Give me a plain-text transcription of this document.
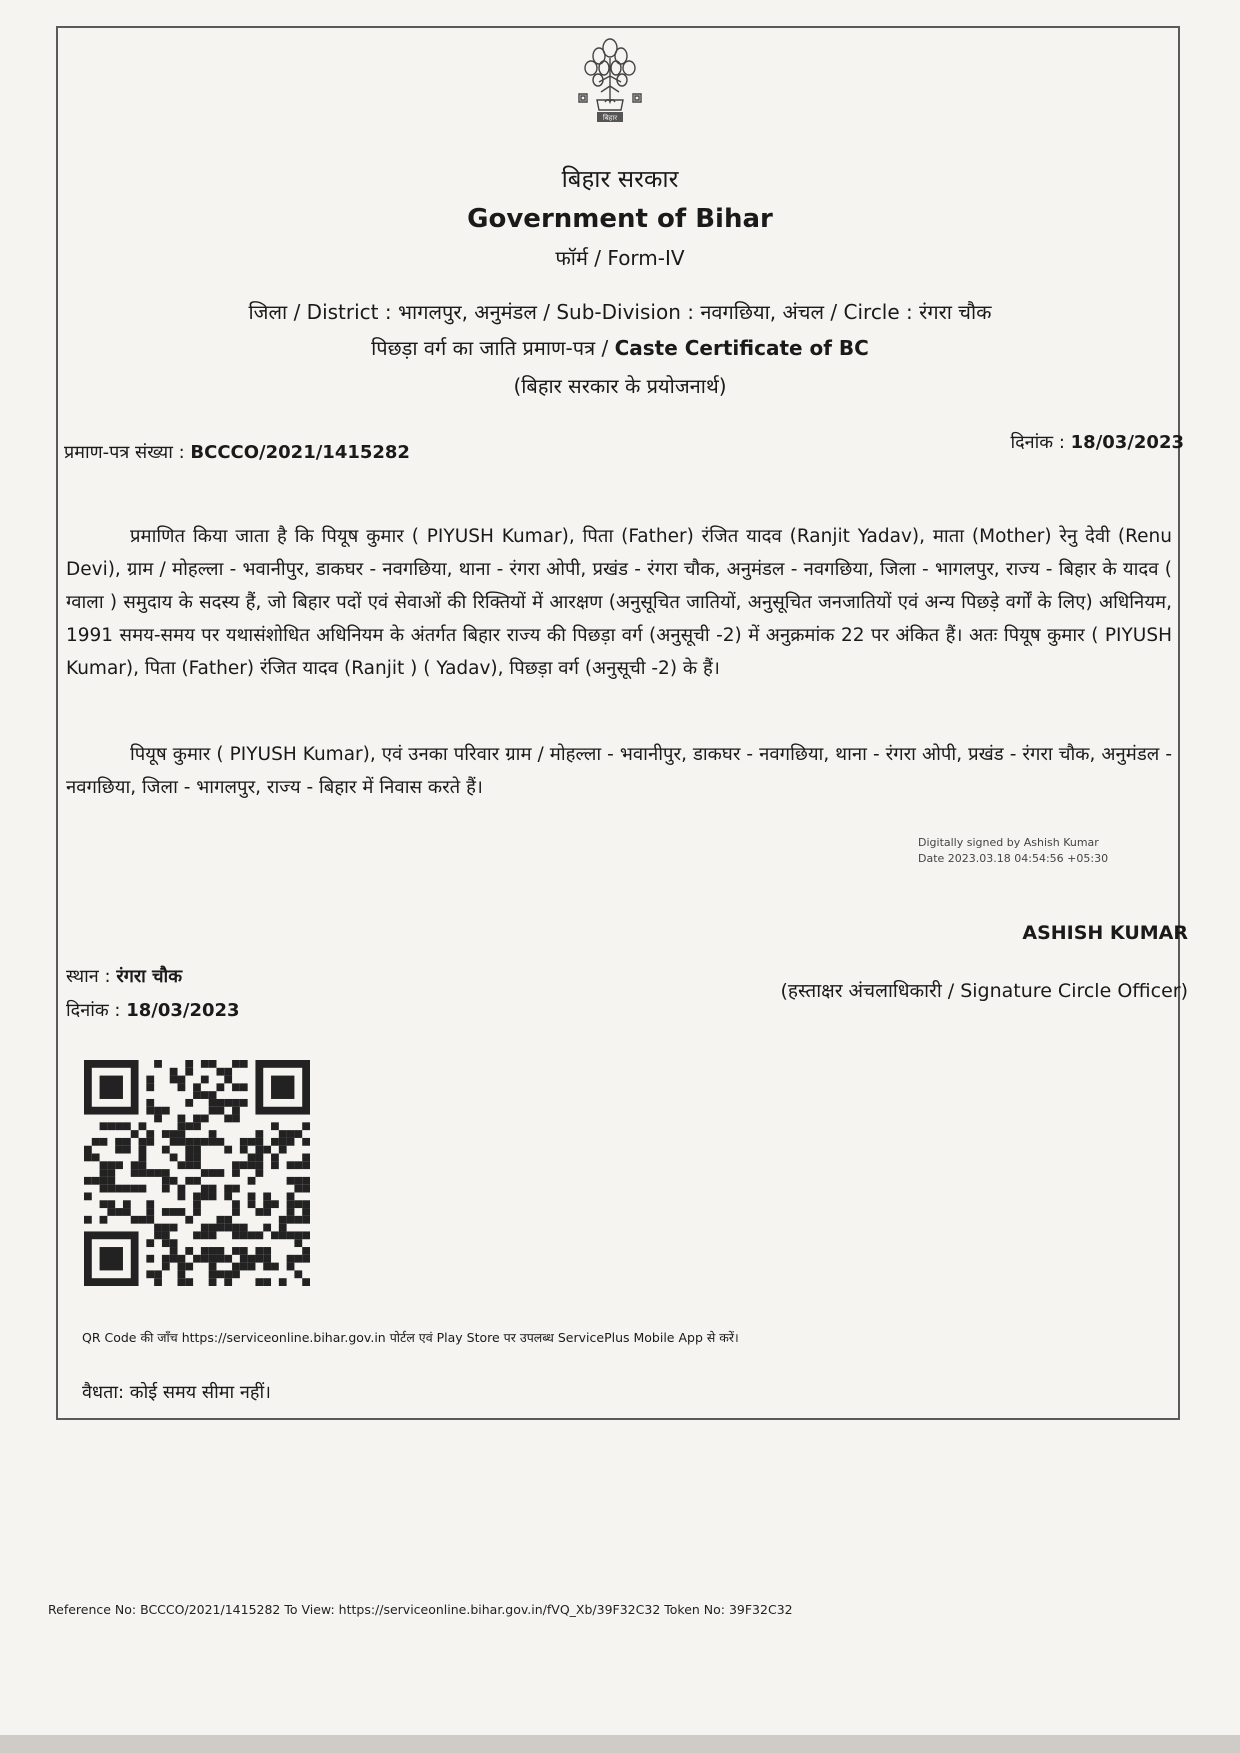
बिहार
बिहार सरकार
Government of Bihar
फॉर्म / Form-IV
जिला / District : भागलपुर, अनुमंडल / Sub-Division : नवगछिया, अंचल / Circle : रंगरा चौक
पिछड़ा वर्ग का जाति प्रमाण-पत्र / Caste Certificate of BC
(बिहार सरकार के प्रयोजनार्थ)
प्रमाण-पत्र संख्या : BCCCO/2021/1415282	दिनांक : 18/03/2023
प्रमाणित किया जाता है कि पियूष कुमार ( PIYUSH Kumar), पिता (Father) रंजित यादव (Ranjit Yadav), माता (Mother) रेनु देवी (Renu Devi), ग्राम / मोहल्ला - भवानीपुर, डाकघर - नवगछिया, थाना - रंगरा ओपी, प्रखंड - रंगरा चौक, अनुमंडल - नवगछिया, जिला - भागलपुर, राज्य - बिहार के यादव ( ग्वाला ) समुदाय के सदस्य हैं, जो बिहार पदों एवं सेवाओं की रिक्तियों में आरक्षण (अनुसूचित जातियों, अनुसूचित जनजातियों एवं अन्य पिछड़े वर्गों के लिए) अधिनियम, 1991 समय-समय पर यथासंशोधित अधिनियम के अंतर्गत बिहार राज्य की पिछड़ा वर्ग (अनुसूची -2) में अनुक्रमांक 22 पर अंकित हैं। अतः पियूष कुमार ( PIYUSH Kumar), पिता (Father) रंजित यादव (Ranjit ) ( Yadav), पिछड़ा वर्ग (अनुसूची -2) के हैं।
पियूष कुमार ( PIYUSH Kumar), एवं उनका परिवार ग्राम / मोहल्ला - भवानीपुर, डाकघर - नवगछिया, थाना - रंगरा ओपी, प्रखंड - रंगरा चौक, अनुमंडल - नवगछिया, जिला - भागलपुर, राज्य - बिहार में निवास करते हैं।
Digitally signed by Ashish Kumar
Date 2023.03.18 04:54:56 +05:30
ASHISH KUMAR
(हस्ताक्षर अंचलाधिकारी / Signature Circle Officer)
स्थान : रंगरा चौक
दिनांक : 18/03/2023
QR Code की जाँच https://serviceonline.bihar.gov.in पोर्टल एवं Play Store पर उपलब्ध ServicePlus Mobile App से करें।
वैधता: कोई समय सीमा नहीं।
Reference No: BCCCO/2021/1415282 To View: https://serviceonline.bihar.gov.in/fVQ_Xb/39F32C32 Token No: 39F32C32
